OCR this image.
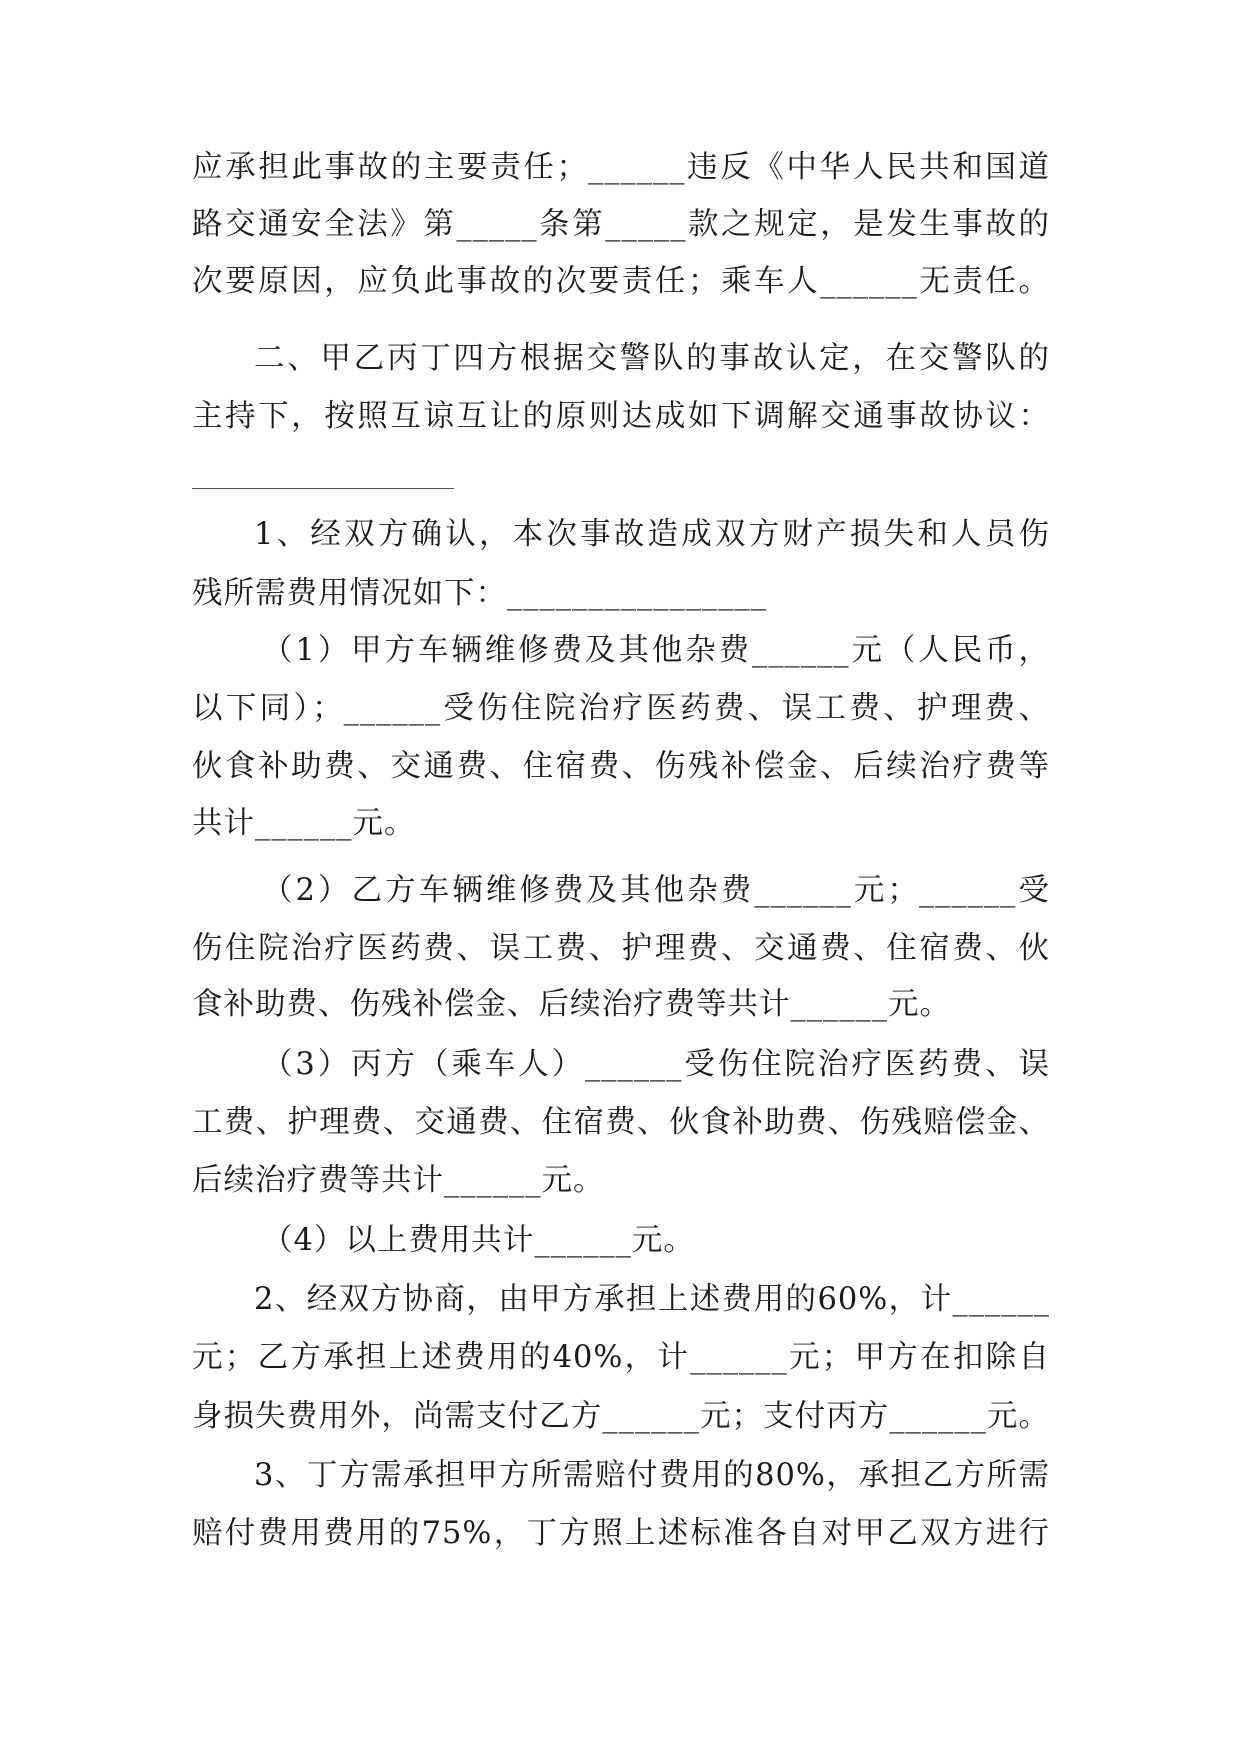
应承担此事故的主要责任；______违反《中华人民共和国道
路交通安全法》第_____条第_____款之规定，是发生事故的
次要原因，应负此事故的次要责任；乘车人______无责任。
二、甲乙丙丁四方根据交警队的事故认定，在交警队的
主持下，按照互谅互让的原则达成如下调解交通事故协议：
1、经双方确认，本次事故造成双方财产损失和人员伤
残所需费用情况如下：________________
（1）甲方车辆维修费及其他杂费______元（人民币，
以下同）；______受伤住院治疗医药费、误工费、护理费、
伙食补助费、交通费、住宿费、伤残补偿金、后续治疗费等
共计______元。
（2）乙方车辆维修费及其他杂费______元；______受
伤住院治疗医药费、误工费、护理费、交通费、住宿费、伙
食补助费、伤残补偿金、后续治疗费等共计______元。
（3）丙方（乘车人）______受伤住院治疗医药费、误
工费、护理费、交通费、住宿费、伙食补助费、伤残赔偿金、
后续治疗费等共计______元。
（4）以上费用共计______元。
2、经双方协商，由甲方承担上述费用的60%，计______
元；乙方承担上述费用的40%，计______元；甲方在扣除自
身损失费用外，尚需支付乙方______元；支付丙方______元。
3、丁方需承担甲方所需赔付费用的80%，承担乙方所需
赔付费用费用的75%，丁方照上述标准各自对甲乙双方进行
